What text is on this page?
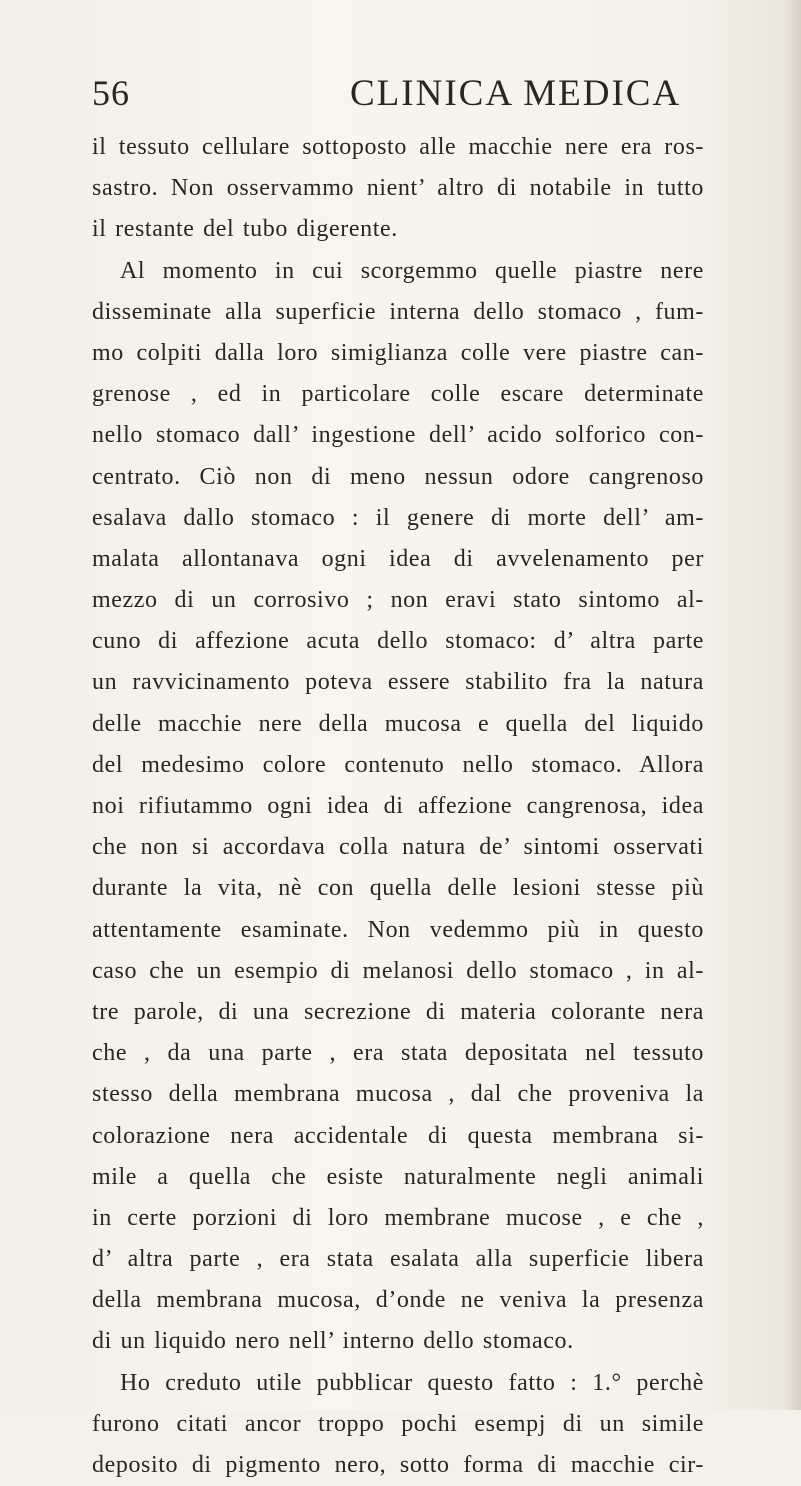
56	CLINICA MEDICA
il tessuto cellulare sottoposto alle macchie nere era ros-
sastro. Non osservammo nient’ altro di notabile in tutto
il restante del tubo digerente.
Al momento in cui scorgemmo quelle piastre nere
disseminate alla superficie interna dello stomaco , fum-
mo colpiti dalla loro simiglianza colle vere piastre can-
grenose , ed in particolare colle escare determinate
nello stomaco dall’ ingestione dell’ acido solforico con-
centrato. Ciò non di meno nessun odore cangrenoso
esalava dallo stomaco : il genere di morte dell’ am-
malata allontanava ogni idea di avvelenamento per
mezzo di un corrosivo ; non eravi stato sintomo al-
cuno di affezione acuta dello stomaco: d’ altra parte
un ravvicinamento poteva essere stabilito fra la natura
delle macchie nere della mucosa e quella del liquido
del medesimo colore contenuto nello stomaco. Allora
noi rifiutammo ogni idea di affezione cangrenosa, idea
che non si accordava colla natura de’ sintomi osservati
durante la vita, nè con quella delle lesioni stesse più
attentamente esaminate. Non vedemmo più in questo
caso che un esempio di melanosi dello stomaco , in al-
tre parole, di una secrezione di materia colorante nera
che , da una parte , era stata depositata nel tessuto
stesso della membrana mucosa , dal che proveniva la
colorazione nera accidentale di questa membrana si-
mile a quella che esiste naturalmente negli animali
in certe porzioni di loro membrane mucose , e che ,
d’ altra parte , era stata esalata alla superficie libera
della membrana mucosa, d’onde ne veniva la presenza
di un liquido nero nell’ interno dello stomaco.
Ho creduto utile pubblicar questo fatto : 1.° perchè
furono citati ancor troppo pochi esempj di un simile
deposito di pigmento nero, sotto forma di macchie cir-
